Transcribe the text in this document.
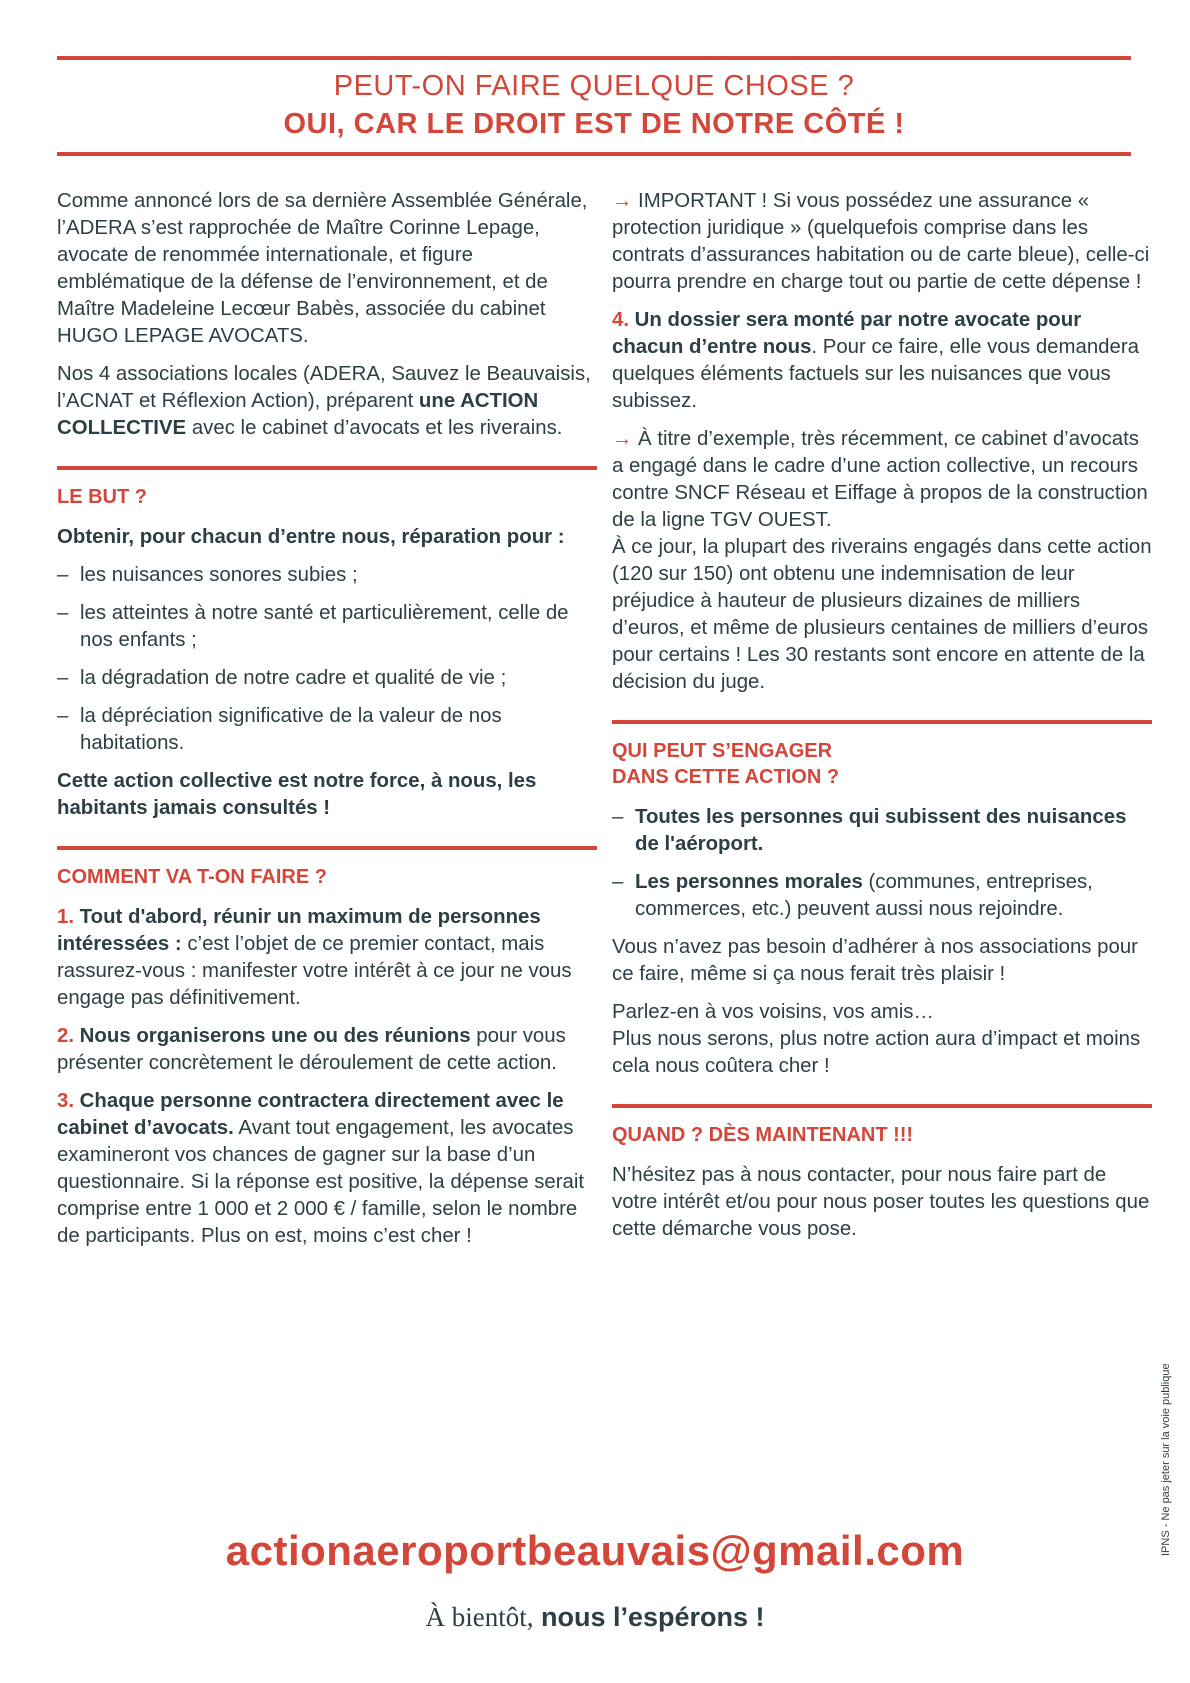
PEUT-ON FAIRE QUELQUE CHOSE ?
OUI, CAR LE DROIT EST DE NOTRE CÔTÉ !

Comme annoncé lors de sa dernière Assemblée Générale, l’ADERA s’est rapprochée de Maître Corinne Lepage, avocate de renommée internationale, et figure emblématique de la défense de l’environnement, et de Maître Madeleine Lecœur Babès, associée du cabinet HUGO LEPAGE AVOCATS.

Nos 4 associations locales (ADERA, Sauvez le Beauvaisis, l’ACNAT et Réflexion Action), préparent une ACTION COLLECTIVE avec le cabinet d’avocats et les riverains.

LE BUT ?

Obtenir, pour chacun d’entre nous, réparation pour :

– les nuisances sonores subies ;
– les atteintes à notre santé et particulièrement, celle de nos enfants ;
– la dégradation de notre cadre et qualité de vie ;
– la dépréciation significative de la valeur de nos habitations.

Cette action collective est notre force, à nous, les habitants jamais consultés !

COMMENT VA T-ON FAIRE ?

1. Tout d'abord, réunir un maximum de personnes intéressées : c’est l’objet de ce premier contact, mais rassurez-vous : manifester votre intérêt à ce jour ne vous engage pas définitivement.

2. Nous organiserons une ou des réunions pour vous présenter concrètement le déroulement de cette action.

3. Chaque personne contractera directement avec le cabinet d’avocats. Avant tout engagement, les avocates examineront vos chances de gagner sur la base d’un questionnaire. Si la réponse est positive, la dépense serait comprise entre 1 000 et 2 000 € / famille, selon le nombre de participants. Plus on est, moins c’est cher !

→ IMPORTANT ! Si vous possédez une assurance « protection juridique » (quelquefois comprise dans les contrats d’assurances habitation ou de carte bleue), celle-ci pourra prendre en charge tout ou partie de cette dépense !

4. Un dossier sera monté par notre avocate pour chacun d’entre nous. Pour ce faire, elle vous demandera quelques éléments factuels sur les nuisances que vous subissez.

→ À titre d’exemple, très récemment, ce cabinet d’avocats a engagé dans le cadre d’une action collective, un recours contre SNCF Réseau et Eiffage à propos de la construction de la ligne TGV OUEST.

À ce jour, la plupart des riverains engagés dans cette action (120 sur 150) ont obtenu une indemnisation de leur préjudice à hauteur de plusieurs dizaines de milliers d’euros, et même de plusieurs centaines de milliers d’euros pour certains ! Les 30 restants sont encore en attente de la décision du juge.

QUI PEUT S’ENGAGER
DANS CETTE ACTION ?
– Toutes les personnes qui subissent des nuisances de l'aéroport.
– Les personnes morales (communes, entreprises, commerces, etc.) peuvent aussi nous rejoindre.

Vous n’avez pas besoin d’adhérer à nos associations pour ce faire, même si ça nous ferait très plaisir !

Parlez-en à vos voisins, vos amis…
Plus nous serons, plus notre action aura d’impact et moins cela nous coûtera cher !

QUAND ? DÈS MAINTENANT !!!

N’hésitez pas à nous contacter, pour nous faire part de votre intérêt et/ou pour nous poser toutes les questions que cette démarche vous pose.

actionaeroportbeauvais@gmail.com
À bientôt, nous l’espérons !
IPNS - Ne pas jeter sur la voie publique
